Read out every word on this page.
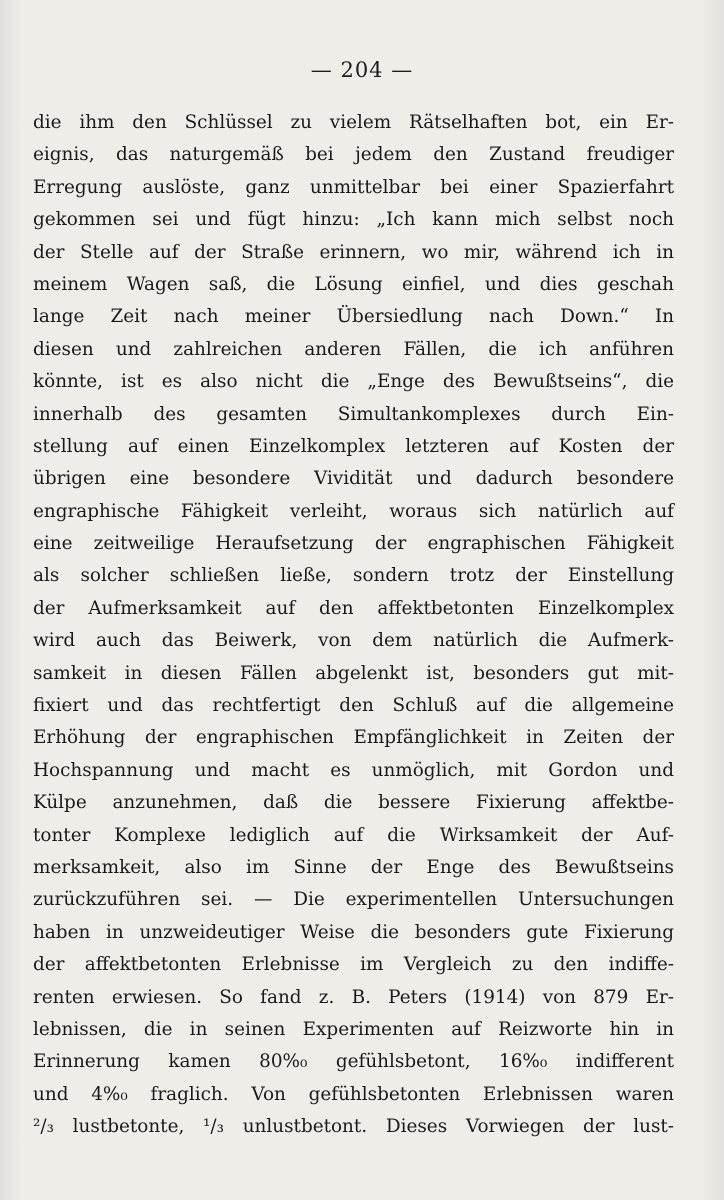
— 204 —
die ihm den Schlüssel zu vielem Rätselhaften bot, ein Er-
eignis, das naturgemäß bei jedem den Zustand freudiger
Erregung auslöste, ganz unmittelbar bei einer Spazierfahrt
gekommen sei und fügt hinzu: „Ich kann mich selbst noch
der Stelle auf der Straße erinnern, wo mir, während ich in
meinem Wagen saß, die Lösung einfiel, und dies geschah
lange Zeit nach meiner Übersiedlung nach Down.“ In
diesen und zahlreichen anderen Fällen, die ich anführen
könnte, ist es also nicht die „Enge des Bewußtseins“, die
innerhalb des gesamten Simultankomplexes durch Ein-
stellung auf einen Einzelkomplex letzteren auf Kosten der
übrigen eine besondere Vividität und dadurch besondere
engraphische Fähigkeit verleiht, woraus sich natürlich auf
eine zeitweilige Heraufsetzung der engraphischen Fähigkeit
als solcher schließen ließe, sondern trotz der Einstellung
der Aufmerksamkeit auf den affektbetonten Einzelkomplex
wird auch das Beiwerk, von dem natürlich die Aufmerk-
samkeit in diesen Fällen abgelenkt ist, besonders gut mit-
fixiert und das rechtfertigt den Schluß auf die allgemeine
Erhöhung der engraphischen Empfänglichkeit in Zeiten der
Hochspannung und macht es unmöglich, mit Gordon und
Külpe anzunehmen, daß die bessere Fixierung affektbe-
tonter Komplexe lediglich auf die Wirksamkeit der Auf-
merksamkeit, also im Sinne der Enge des Bewußtseins
zurückzuführen sei. — Die experimentellen Untersuchungen
haben in unzweideutiger Weise die besonders gute Fixierung
der affektbetonten Erlebnisse im Vergleich zu den indiffe-
renten erwiesen. So fand z. B. Peters (1914) von 879 Er-
lebnissen, die in seinen Experimenten auf Reizworte hin in
Erinnerung kamen 80%₀ gefühlsbetont, 16%₀ indifferent
und 4%₀ fraglich. Von gefühlsbetonten Erlebnissen waren
²/₃ lustbetonte, ¹/₃ unlustbetont. Dieses Vorwiegen der lust-
